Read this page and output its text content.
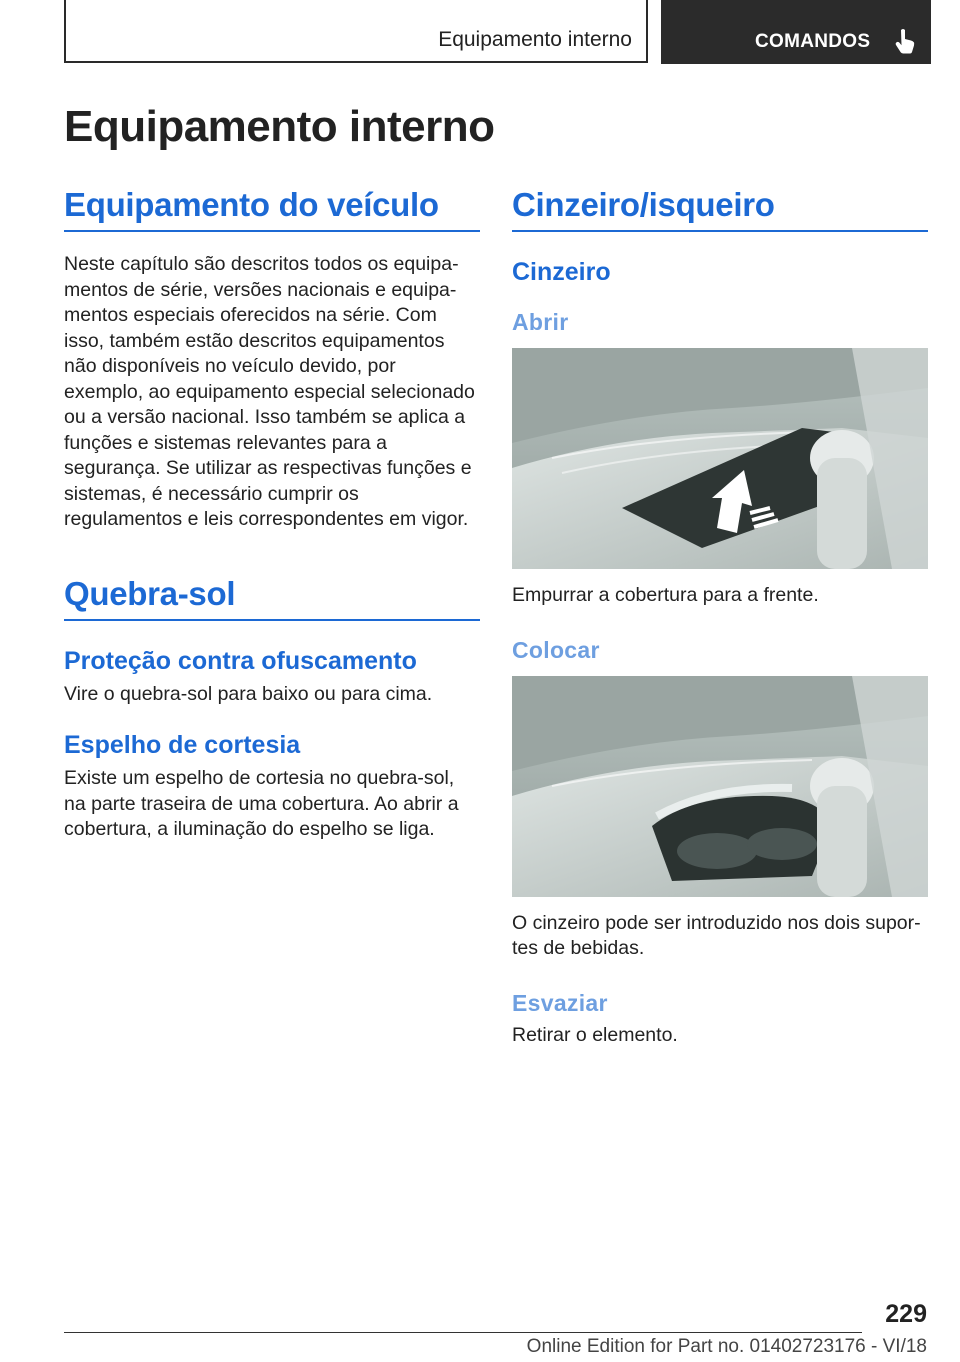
Equipamento interno	COMANDOS
Equipamento interno
Equipamento do veículo

Neste capítulo são descritos todos os equipamentos de série, versões nacionais e equipamentos especiais oferecidos na série. Com isso, também estão descritos equipamentos não disponíveis no veículo devido, por exemplo, ao equipamento especial selecionado ou a versão nacional. Isso também se aplica a funções e sistemas relevantes para a segurança. Se utilizar as respectivas funções e sistemas, é necessário cumprir os regulamentos e leis correspondentes em vigor.

Quebra-sol
Proteção contra ofuscamento

Vire o quebra-sol para baixo ou para cima.

Espelho de cortesia

Existe um espelho de cortesia no quebra-sol, na parte traseira de uma cobertura. Ao abrir a cobertura, a iluminação do espelho se liga.

Cinzeiro/isqueiro
Cinzeiro
Abrir

Empurrar a cobertura para a frente.

Colocar

O cinzeiro pode ser introduzido nos dois suportes de bebidas.

Esvaziar

Retirar o elemento.

229
Online Edition for Part no. 01402723176 - VI/18
